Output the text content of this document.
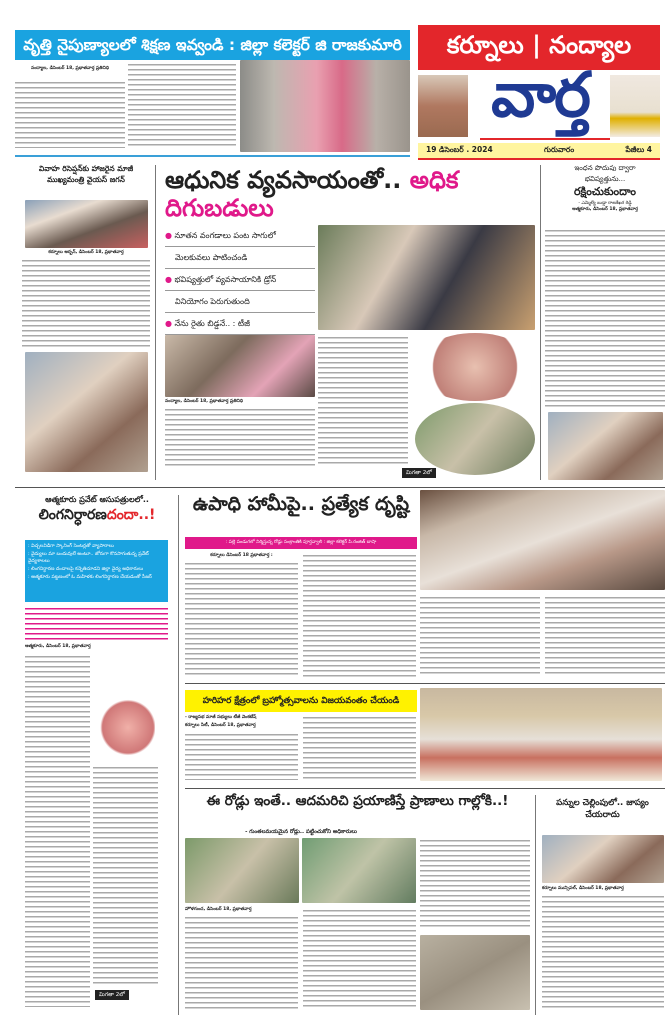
వృత్తి నైపుణ్యాలలో శిక్షణ ఇవ్వండి : జిల్లా కలెక్టర్ జి రాజకుమారి
నంద్యాల, డిసెంబర్ 18, ప్రభాతవార్త ప్రతినిధి
కర్నూలు | నంద్యాల
వార్త
19 డిసెంబర్ . 2024	గురువారం	పేజీలు 4
వివాహ రిసెప్షన్‌కు హాజరైన మాజీ ముఖ్యమంత్రి వైయస్ జగన్
కర్నూలు అర్బన్, డిసెంబర్ 18, ప్రభాతవార్త
ఆధునిక వ్యవసాయంతో.. అధిక దిగుబడులు
● నూతన వంగడాలు పంట సాగులో
మెలకువలు పాటించండి
● భవిష్యత్తులో వ్యవసాయానికి డ్రోన్
వినియోగం పెరుగుతుంది
● నేను రైతు బిడ్డనే.. : టీజీ
నంద్యాల, డిసెంబర్ 18, ప్రభాతవార్త ప్రతినిధి
మిగతా 2లో
ఇంధన పొదుపు ద్వారా
భవిష్యత్తును...
రక్షించుకుందాం
- ఎమ్మెల్యే బుడ్డా రాజశేఖర రెడ్డి
ఆత్మకూరు, డిసెంబర్ 18, ప్రభాతవార్త
ఆత్మకూరు ప్రవేట్ ఆసుపత్రులలో..
లింగనిర్ధారణదందా..!
: విచ్చలవిడిగా స్కానింగ్ సెంటర్లతో వ్యాపారాలు
: వైద్యులు మా బందువులే అంటూ.. జోరుగా కొనసాగుతున్న ప్రవేట్ వైద్యశాలలు
: లింగనిర్ధారణ దందాలపై కన్నెతిచూడని జిల్లా వైద్య అధికారులు
: ఆత్మకూరు పట్టణంలో ఓ మహిళకు లింగనిర్ధారణ చేయడంతో సీజర్
ఆత్మకూరు, డిసెంబర్ 18, ప్రభాతవార్త
మిగతా 2లో
ఉపాధి హామీపై.. ప్రత్యేక దృష్టి
: పల్లె పండుగలో నిర్మిస్తున్న రోడ్లు సంక్రాంతికి పూర్తవ్వాలి : జిల్లా కలెక్టర్ పి.రంజిత్ బాషా
కర్నూలు డిసెంబర్ 18 ప్రభాతవార్త :
హరిహర క్షేత్రంలో బ్రహ్మోత్సవాలను విజయవంతం చేయండి
- రాజ్యసభ మాజీ సభ్యులు టీజీ వెంకటేష్
కర్నూలు సిటీ, డిసెంబర్ 18, ప్రభాతవార్త
ఈ రోడ్లు ఇంతే.. ఆదమరిచి ప్రయాణిస్తే ప్రాణాలు గాల్లోకి..!
- గుంతలమయమైన రోడ్లు.. పట్టించుకోని అధికారులు
హొళగుంద, డిసెంబర్ 18, ప్రభాతవార్త
పన్నుల చెల్లింపులో.. జాప్యం చేయరాదు
కర్నూలు మున్సిపల్, డిసెంబర్ 18, ప్రభాతవార్త
